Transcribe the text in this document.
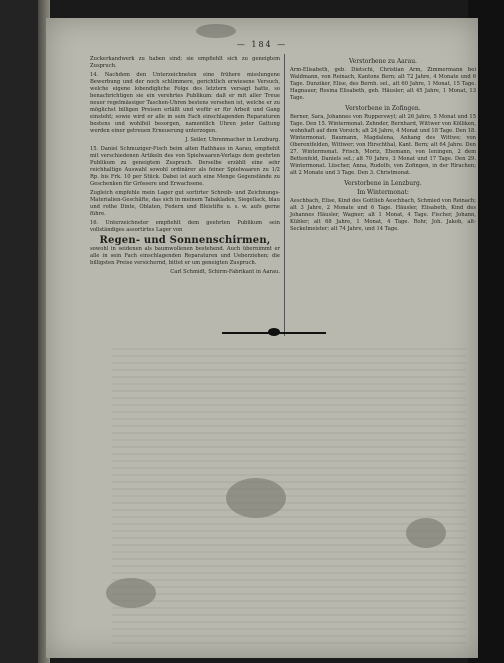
— 184 —

Zuckerkandwerk zu haben sind; sie empfiehlt sich zu geneigtem Zuspruch.

14. Nachdem den Unterzeichneten eine frühere misslungene Bewerbung und der noch schlimmere, gerichtlich erwiesene Versuch, welche eigene lobendigliche Folge des letztern versagt hatte, so benachrichtigen sie ein verehrtes Publikum: daß er mit aller Treue neuer regelmässiger Taschen-Uhren bestens versehen ist, welche er zu möglichst billigen Preisen erläßt und wofür er für Arbeit und Gang einsteht; sowie wird er alle in sein Fach einschlagenden Reparaturen bestens und wohlfeil besorgen, namentlich Uhren jeder Gattung werden einer getreuen Erneuerung unterzogen.

J. Seiler, Uhrenmacher in Lenzburg.

15. Daniel Schmuziger-Fisch beim alten Rathhaus in Aarau, empfiehlt mit verschiedenen Artikeln des von Spielwaaren-Verlags dem geehrten Publikum zu geneigtem Zuspruch. Derselbe erzählt eine sehr reichhaltige Auswahl sowohl ordinärer als feiner Spielwaaren zu 1/2 Rp. bis Frk. 10 per Stück. Dabei ist auch eine Menge Gegenstände zu Geschenken für Grössere und Erwachsene.

Zugleich empfehle mein Lager gut sortirter Schreib- und Zeichnungs-Materialien-Geschäfte, das sich in meinem Tabakladen, Siegellack, blau und rothe Dinte, Oblaten, Federn und Bleistifte u. s. w. aufs gerne führe.

16. Unterzeichneter empfiehlt dem geehrten Publikum sein vollständiges assortirtes Lager von

Regen- und Sonnenschirmen,

sowohl in seidenen als baumwollenen bestehend. Auch übernimmt er alle in sein Fach einschlagenden Reparaturen und Ueberziehen; die billigsten Preise versichernd, bittet er um geneigten Zuspruch.

Carl Schmidt, Schirm-Fabrikant in Aarau.

Verstorbene zu Aarau.

Arm-Elisabeth, geb. Dietschi, Christian Arm, Zimmermann bei Waldmann, von Reinach, Kantons Bern; alt 72 Jahre, 4 Monate und 6 Tage. Dunziker, Elise, des Bernh. sel., alt 60 Jahre, 1 Monat, 15 Tage. Hagnauer, Rosina Elisabeth, geb. Häusler; alt 45 Jahre, 1 Monat, 13 Tage.

Verstorbene in Zofingen.

Berner, Sara, Johannes von Rupperswyl; alt 26 Jahre, 5 Monat und 15 Tage. Den 15. Wintermonat. Zehnder, Bernhard, Wittwer von Kölliken, wohnhaft auf dem Vorsich; alt 24 Jahre, 4 Monat und 18 Tage. Den 18. Wintermonat. Baumann, Magdalena, Anhang des Wittwe; von Oberentfelden, Wittwer; von Hirschthal, Kant. Bern; alt 64 Jahre. Den 27. Wintermonat. Frisch, Moriz, Ehemann, von Ieningen, 2 dem Bettenfeld, Daniels sel.; alt 70 Jahre, 3 Monat und 17 Tage. Den 29. Wintermonat. Lüscher, Anna, Rudolfs, von Zofingen, in der Rlrachen; alt 2 Monate und 3 Tage. Den 3. Christmonat.

Verstorbene in Lenzburg.
Im Wintermonat:

Aeschbach, Elise, Kind des Gottlieb Aeschbach, Schmied von Reinach; alt 3 Jahre, 2 Monate und 6 Tage. Häusler, Elisabeth, Kind des Johannes Häusler, Wagner; alt 1 Monat, 4 Tage. Fischer, Johann, Kübler; alt 68 Jahre, 1 Monat, 4 Tage. Rohr, Joh. Jakob, alt-Seckelmeister; alt 74 Jahre, und 14 Tage.
